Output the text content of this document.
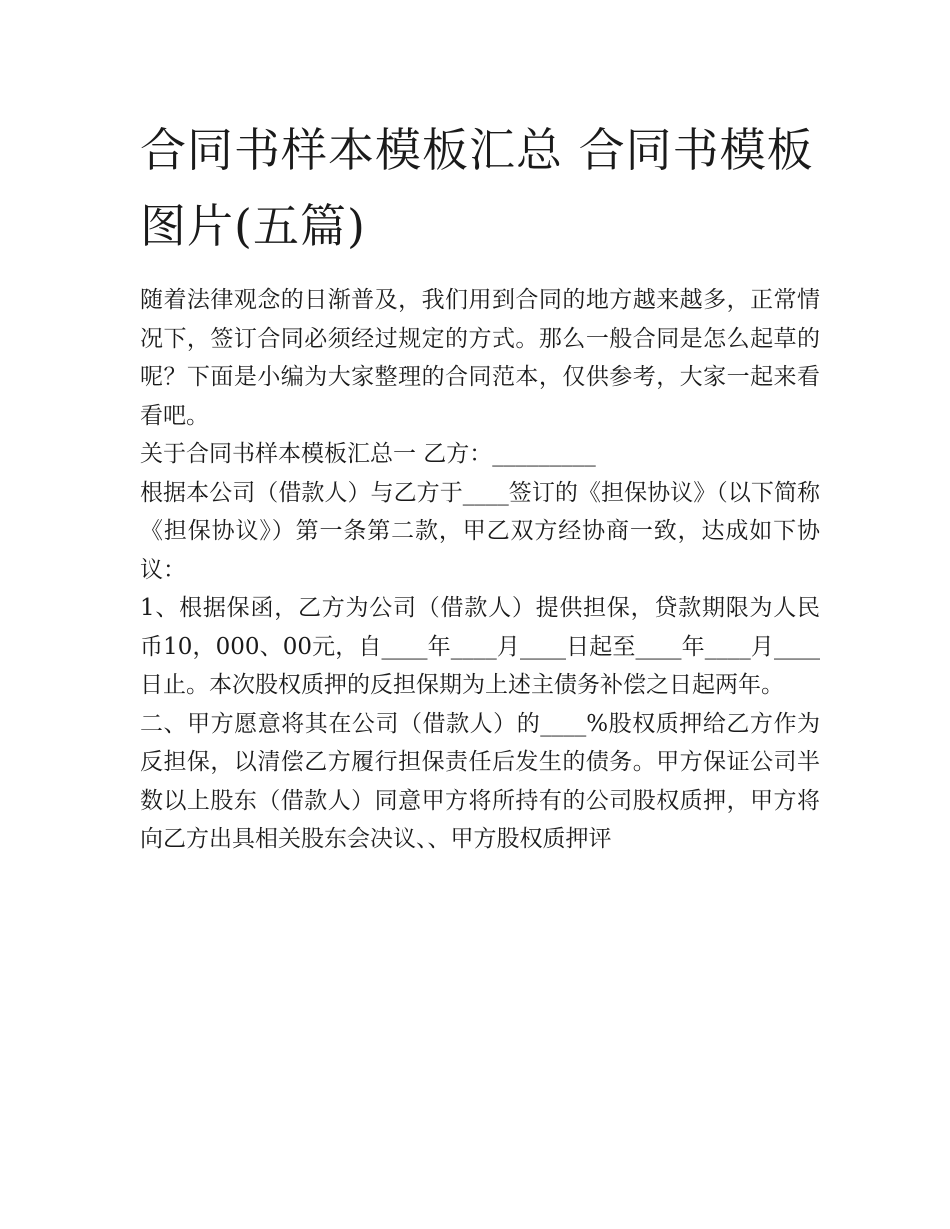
合同书样本模板汇总 合同书模板图片(五篇)

随着法律观念的日渐普及，我们用到合同的地方越来越多，正常情况下，签订合同必须经过规定的方式。那么一般合同是怎么起草的呢？下面是小编为大家整理的合同范本，仅供参考，大家一起来看看吧。

关于合同书样本模板汇总一 乙方：_________

根据本公司（借款人）与乙方于____签订的《担保协议》（以下简称《担保协议》）第一条第二款，甲乙双方经协商一致，达成如下协议：

1、根据保函，乙方为公司（借款人）提供担保，贷款期限为人民币10，000、00元，自____年____月____日起至____年____月____日止。本次股权质押的反担保期为上述主债务补偿之日起两年。

二、甲方愿意将其在公司（借款人）的____%股权质押给乙方作为反担保，以清偿乙方履行担保责任后发生的债务。甲方保证公司半数以上股东（借款人）同意甲方将所持有的公司股权质押，甲方将向乙方出具相关股东会决议、、甲方股权质押评
